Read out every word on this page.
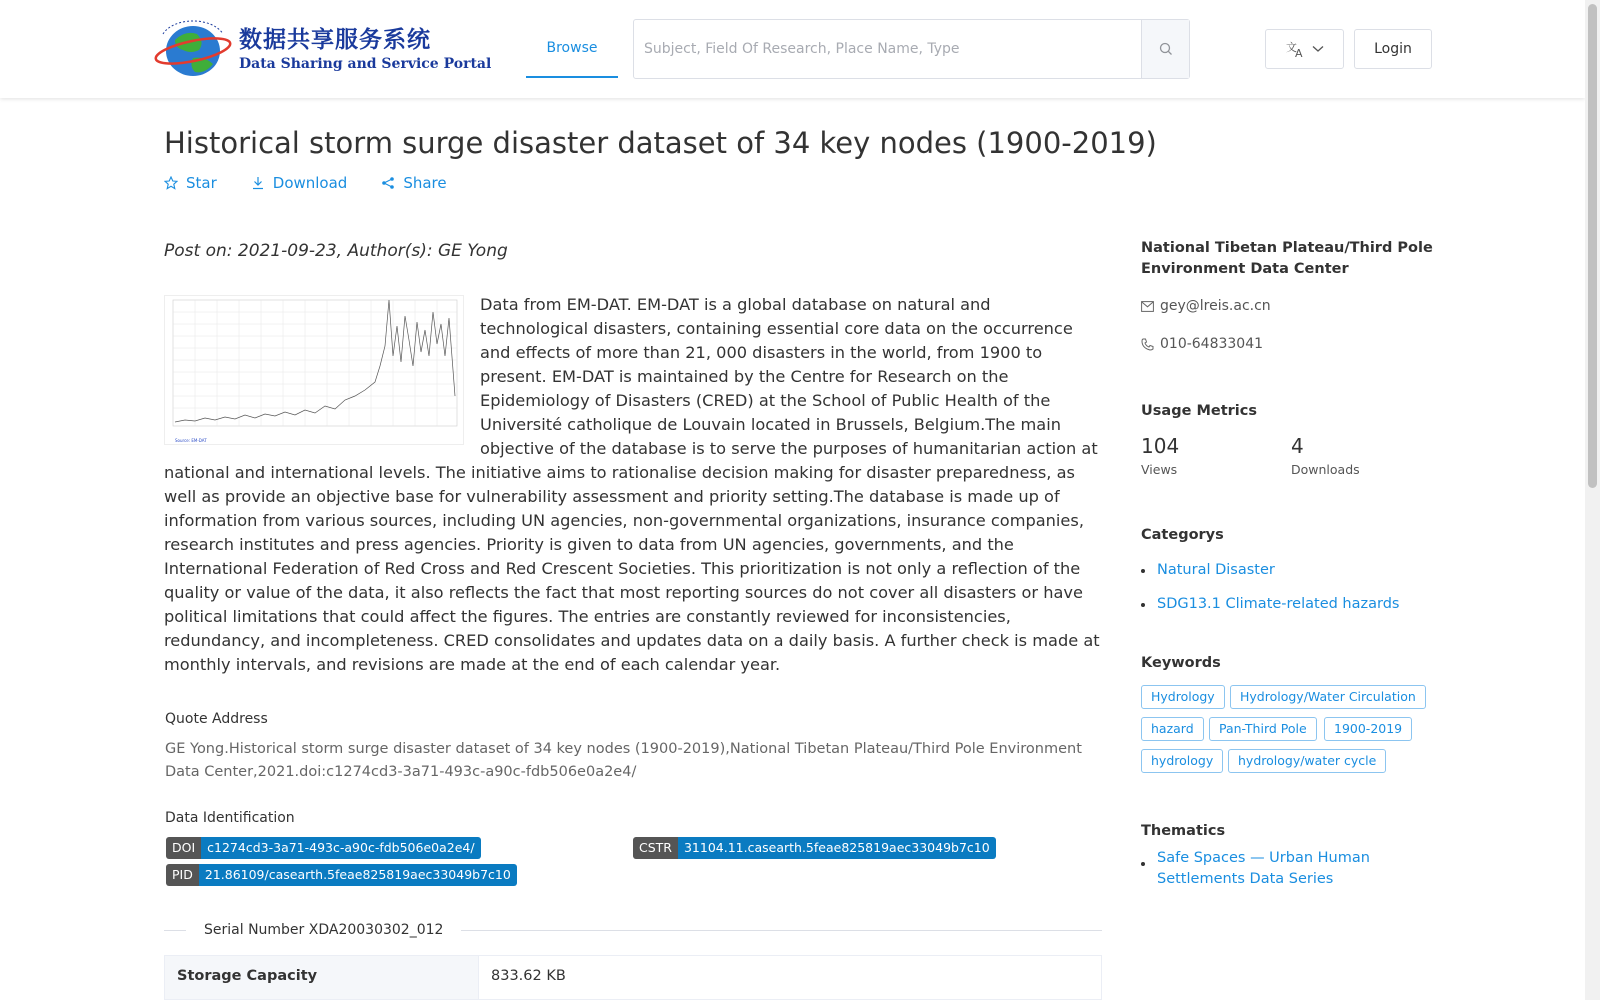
数据共享服务系统
Data Sharing and Service Portal
Browse
Subject, Field Of Research, Place Name, Type	文
A	Login
Historical storm surge disaster dataset of 34 key nodes (1900-2019)
Star	Download	Share
Post on: 2021-09-23, Author(s): GE Yong
Source: EM-DAT

Data from EM-DAT. EM-DAT is a global database on natural and technological disasters, containing essential core data on the occurrence and effects of more than 21, 000 disasters in the world, from 1900 to present. EM-DAT is maintained by the Centre for Research on the Epidemiology of Disasters (CRED) at the School of Public Health of the Université catholique de Louvain located in Brussels, Belgium.The main objective of the database is to serve the purposes of humanitarian action at national and international levels. The initiative aims to rationalise decision making for disaster preparedness, as well as provide an objective base for vulnerability assessment and priority setting.The database is made up of information from various sources, including UN agencies, non-governmental organizations, insurance companies, research institutes and press agencies. Priority is given to data from UN agencies, governments, and the International Federation of Red Cross and Red Crescent Societies. This prioritization is not only a reflection of the quality or value of the data, it also reflects the fact that most reporting sources do not cover all disasters or have political limitations that could affect the figures. The entries are constantly reviewed for inconsistencies, redundancy, and incompleteness. CRED consolidates and updates data on a daily basis. A further check is made at monthly intervals, and revisions are made at the end of each calendar year.

Quote Address
GE Yong.Historical storm surge disaster dataset of 34 key nodes (1900-2019),National Tibetan Plateau/Third Pole Environment Data Center,2021.doi:c1274cd3-3a71-493c-a90c-fdb506e0a2e4/
Data Identification
DOI c1274cd3-3a71-493c-a90c-fdb506e0a2e4/	CSTR 31104.11.casearth.5feae825819aec33049b7c10
PID 21.86109/casearth.5feae825819aec33049b7c10
Serial Number XDA20030302_012
Storage Capacity	833.62 KB
National Tibetan Plateau/Third Pole Environment Data Center
gey@lreis.ac.cn
010-64833041
Usage Metrics
104
Views
4
Downloads
Categorys
Natural Disaster
SDG13.1 Climate-related hazards
Keywords
Hydrology	Hydrology/Water Circulation
hazard	Pan-Third Pole	1900-2019
hydrology	hydrology/water cycle
Thematics
Safe Spaces — Urban Human Settlements Data Series
